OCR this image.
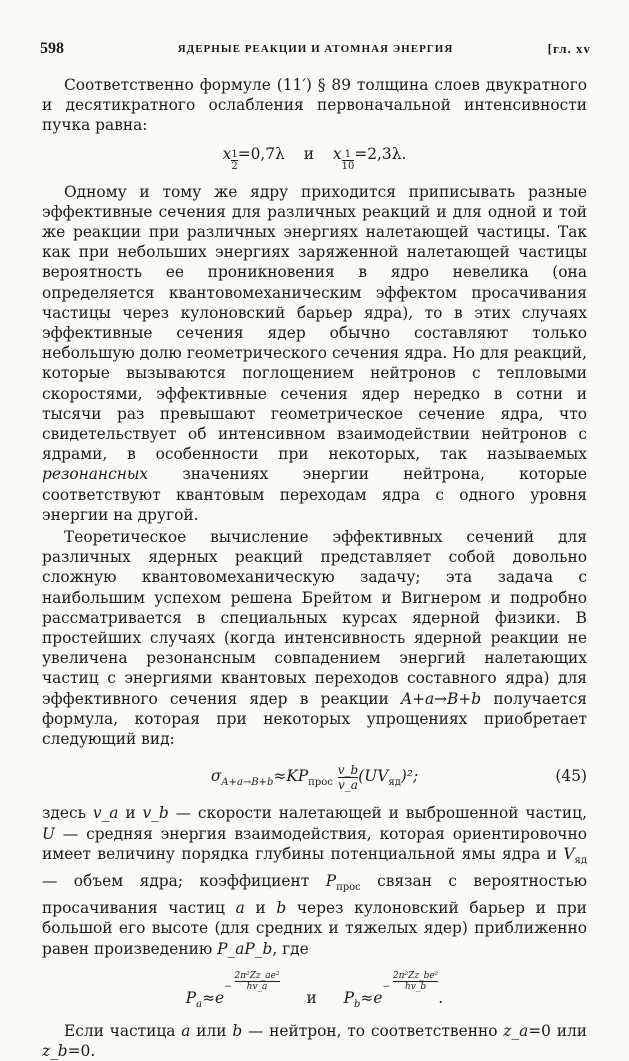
598	ЯДЕРНЫЕ РЕАКЦИИ И АТОМНАЯ ЭНЕРГИЯ	[гл. xv

Соответственно формуле (11′) § 89 толщина слоев двукратного и десятикратного ослабления первоначальной интенсивности пучка равна:

x $\frac{1}{2} =0,7\lambda$ и x $\frac{1}{10} =2,3\lambda$.

Одному и тому же ядру приходится приписывать разные эффективные сечения для различных реакций и для одной и той же реакции при различных энергиях налетающей частицы. Так как при небольших энергиях заряженной налетающей частицы вероятность ее проникновения в ядро невелика (она определяется квантовомеханическим эффектом просачивания частицы через кулоновский барьер ядра), то в этих случаях эффективные сечения ядер обычно составляют только небольшую долю геометрического сечения ядра. Но для реакций, которые вызываются поглощением нейтронов с тепловыми скоростями, эффективные сечения ядер нередко в сотни и тысячи раз превышают геометрическое сечение ядра, что свидетельствует об интенсивном взаимодействии нейтронов с ядрами, в особенности при некоторых, так называемых резонансных значениях энергии нейтрона, которые соответствуют квантовым переходам ядра с одного уровня энергии на другой.

Теоретическое вычисление эффективных сечений для различных ядерных реакций представляет собой довольно сложную квантовомеханическую задачу; эта задача с наибольшим успехом решена Брейтом и Вигнером и подробно рассматривается в специальных курсах ядерной физики. В простейших случаях (когда интенсивность ядерной реакции не увеличена резонансным совпадением энергий налетающих частиц с энергиями квантовых переходов составного ядра) для эффективного сечения ядер в реакции A+a→B+b получается формула, которая при некоторых упрощениях приобретает следующий вид:

$\sigma_{A+a\to B+b}\approx KP_{прос} \frac{v\_b}{v\_a} (UV_{яд})^2$;	(45)

здесь v_a и v_b — скорости налетающей и выброшенной частиц, U — средняя энергия взаимодействия, которая ориентировочно имеет величину порядка глубины потенциальной ямы ядра и $V_{яд}$ — объем ядра; коэффициент $P_{прос}$ связан с вероятностью просачивания частиц a и b через кулоновский барьер и при большой его высоте (для средних и тяжелых ядер) приближенно равен произведению P_aP_b, где

$P_a\approx e$
− $\frac{\text{2π²Zz\_ae²}}{hv\_a}$
и $P_b\approx e$
− $\frac{\text{2π²Zz\_be²}}{hv\_b}$
.

Если частица a или b — нейтрон, то соответственно z_a=0 или z_b=0.
